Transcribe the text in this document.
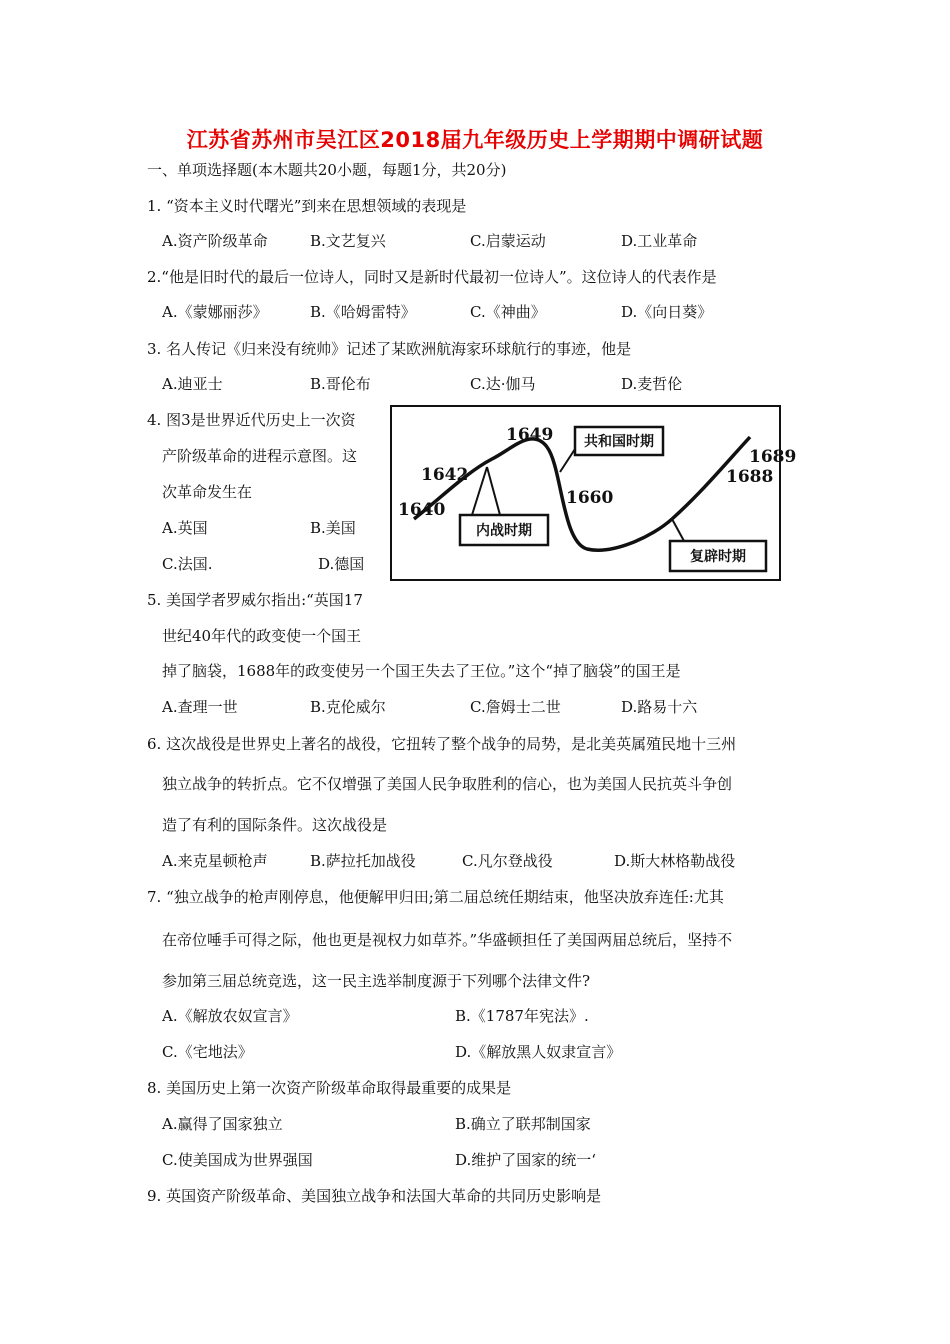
江苏省苏州市吴江区2018届九年级历史上学期期中调研试题
一、单项选择题(本木题共20小题，每题1分，共20分)
1. “资本主义时代曙光”到来在思想领域的表现是
A.资产阶级革命	B.文艺复兴	C.启蒙运动	D.工业革命
2.“他是旧时代的最后一位诗人，同时又是新时代最初一位诗人”。这位诗人的代表作是
A.《蒙娜丽莎》	B.《哈姆雷特》	C.《神曲》	D.《向日葵》
3. 名人传记《归来没有统帅》记述了某欧洲航海家环球航行的事迹，他是
A.迪亚士	B.哥伦布	C.达·伽马	D.麦哲伦
4. 图3是世界近代历史上一次资
产阶级革命的进程示意图。这
次革命发生在
A.英国	B.美国
C.法国.	D.德国
共和国时期
内战时期
复辟时期
1640
1642
1649
1660
1688
1689
5. 美国学者罗威尔指出:“英国17
世纪40年代的政变使一个国王
掉了脑袋，1688年的政变使另一个国王失去了王位。”这个“掉了脑袋”的国王是
A.查理一世	B.克伦威尔	C.詹姆士二世	D.路易十六
6. 这次战役是世界史上著名的战役，它扭转了整个战争的局势，是北美英属殖民地十三州
独立战争的转折点。它不仅增强了美国人民争取胜利的信心，也为美国人民抗英斗争创
造了有利的国际条件。这次战役是
A.来克星顿枪声	B.萨拉托加战役	C.凡尔登战役	D.斯大林格勒战役
7. “独立战争的枪声刚停息，他便解甲归田;第二届总统任期结束，他坚决放弃连任:尤其
在帝位唾手可得之际，他也更是视权力如草芥。”华盛顿担任了美国两届总统后，坚持不
参加第三届总统竞选，这一民主选举制度源于下列哪个法律文件?
A.《解放农奴宣言》	B.《1787年宪法》.
C.《宅地法》	D.《解放黑人奴隶宣言》
8. 美国历史上第一次资产阶级革命取得最重要的成果是
A.赢得了国家独立	B.确立了联邦制国家
C.使美国成为世界强国	D.维护了国家的统一‘
9. 英国资产阶级革命、美国独立战争和法国大革命的共同历史影响是
